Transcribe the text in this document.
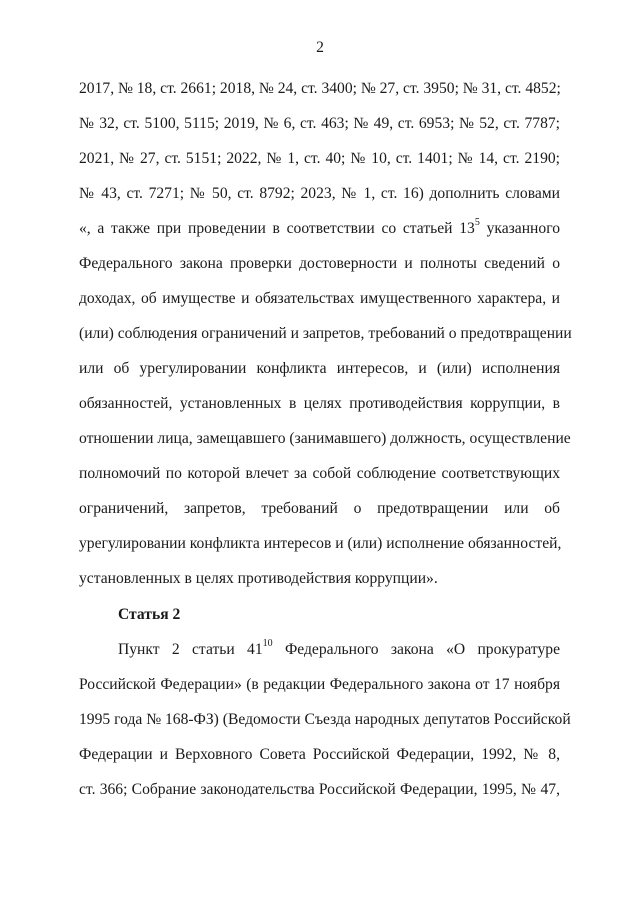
2
2017, № 18, ст. 2661; 2018, № 24, ст. 3400; № 27, ст. 3950; № 31, ст. 4852;
№ 32, ст. 5100, 5115; 2019, № 6, ст. 463; № 49, ст. 6953; № 52, ст. 7787;
2021, № 27, ст. 5151; 2022, № 1, ст. 40; № 10, ст. 1401; № 14, ст. 2190;
№ 43, ст. 7271; № 50, ст. 8792; 2023, № 1, ст. 16) дополнить словами
«, а также при проведении в соответствии со статьей $13^5$ указанного
Федерального закона проверки достоверности и полноты сведений о
доходах, об имуществе и обязательствах имущественного характера, и
(или) соблюдения ограничений и запретов, требований о предотвращении
или об урегулировании конфликта интересов, и (или) исполнения
обязанностей, установленных в целях противодействия коррупции, в
отношении лица, замещавшего (занимавшего) должность, осуществление
полномочий по которой влечет за собой соблюдение соответствующих
ограничений, запретов, требований о предотвращении или об
урегулировании конфликта интересов и (или) исполнение обязанностей,
установленных в целях противодействия коррупции».
Статья 2
Пункт 2 статьи $41^{10}$ Федерального закона «О прокуратуре
Российской Федерации» (в редакции Федерального закона от 17 ноября
1995 года № 168-ФЗ) (Ведомости Съезда народных депутатов Российской
Федерации и Верховного Совета Российской Федерации, 1992, № 8,
ст. 366; Собрание законодательства Российской Федерации, 1995, № 47,
